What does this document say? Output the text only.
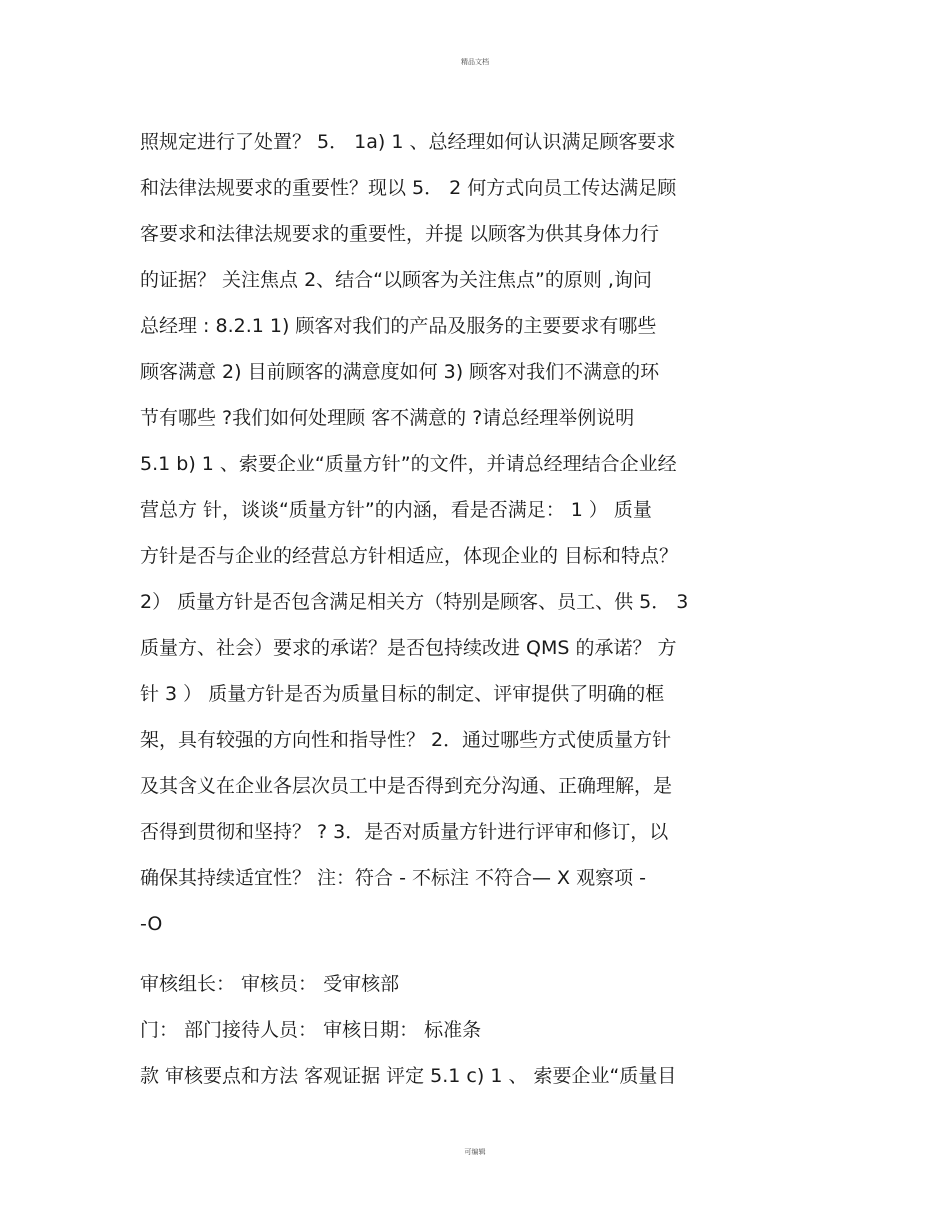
精品文档
照规定进行了处置？ 5． 1a) 1 、总经理如何认识满足顾客要求
和法律法规要求的重要性？现以 5． 2 何方式向员工传达满足顾
客要求和法律法规要求的重要性，并提 以顾客为供其身体力行
的证据？ 关注焦点 2、结合“以顾客为关注焦点”的原则 ,询问
总经理 : 8.2.1 1) 顾客对我们的产品及服务的主要要求有哪些
顾客满意 2) 目前顾客的满意度如何 3) 顾客对我们不满意的环
节有哪些 ?我们如何处理顾 客不满意的 ?请总经理举例说明
5.1 b) 1 、索要企业“质量方针”的文件，并请总经理结合企业经
营总方 针，谈谈“质量方针”的内涵，看是否满足： 1 ） 质量
方针是否与企业的经营总方针相适应，体现企业的 目标和特点？
2） 质量方针是否包含满足相关方（特别是顾客、员工、供 5． 3
质量方、社会）要求的承诺？是否包持续改进 QMS 的承诺？ 方
针 3 ） 质量方针是否为质量目标的制定、评审提供了明确的框
架，具有较强的方向性和指导性？ 2．通过哪些方式使质量方针
及其含义在企业各层次员工中是否得到充分沟通、正确理解，是
否得到贯彻和坚持？ ? 3．是否对质量方针进行评审和修订，以
确保其持续适宜性？ 注：符合 - 不标注 不符合— X 观察项 -
-O
审核组长： 审核员： 受审核部
门： 部门接待人员： 审核日期： 标准条
款 审核要点和方法 客观证据 评定 5.1 c) 1 、 索要企业“质量目
可编辑
